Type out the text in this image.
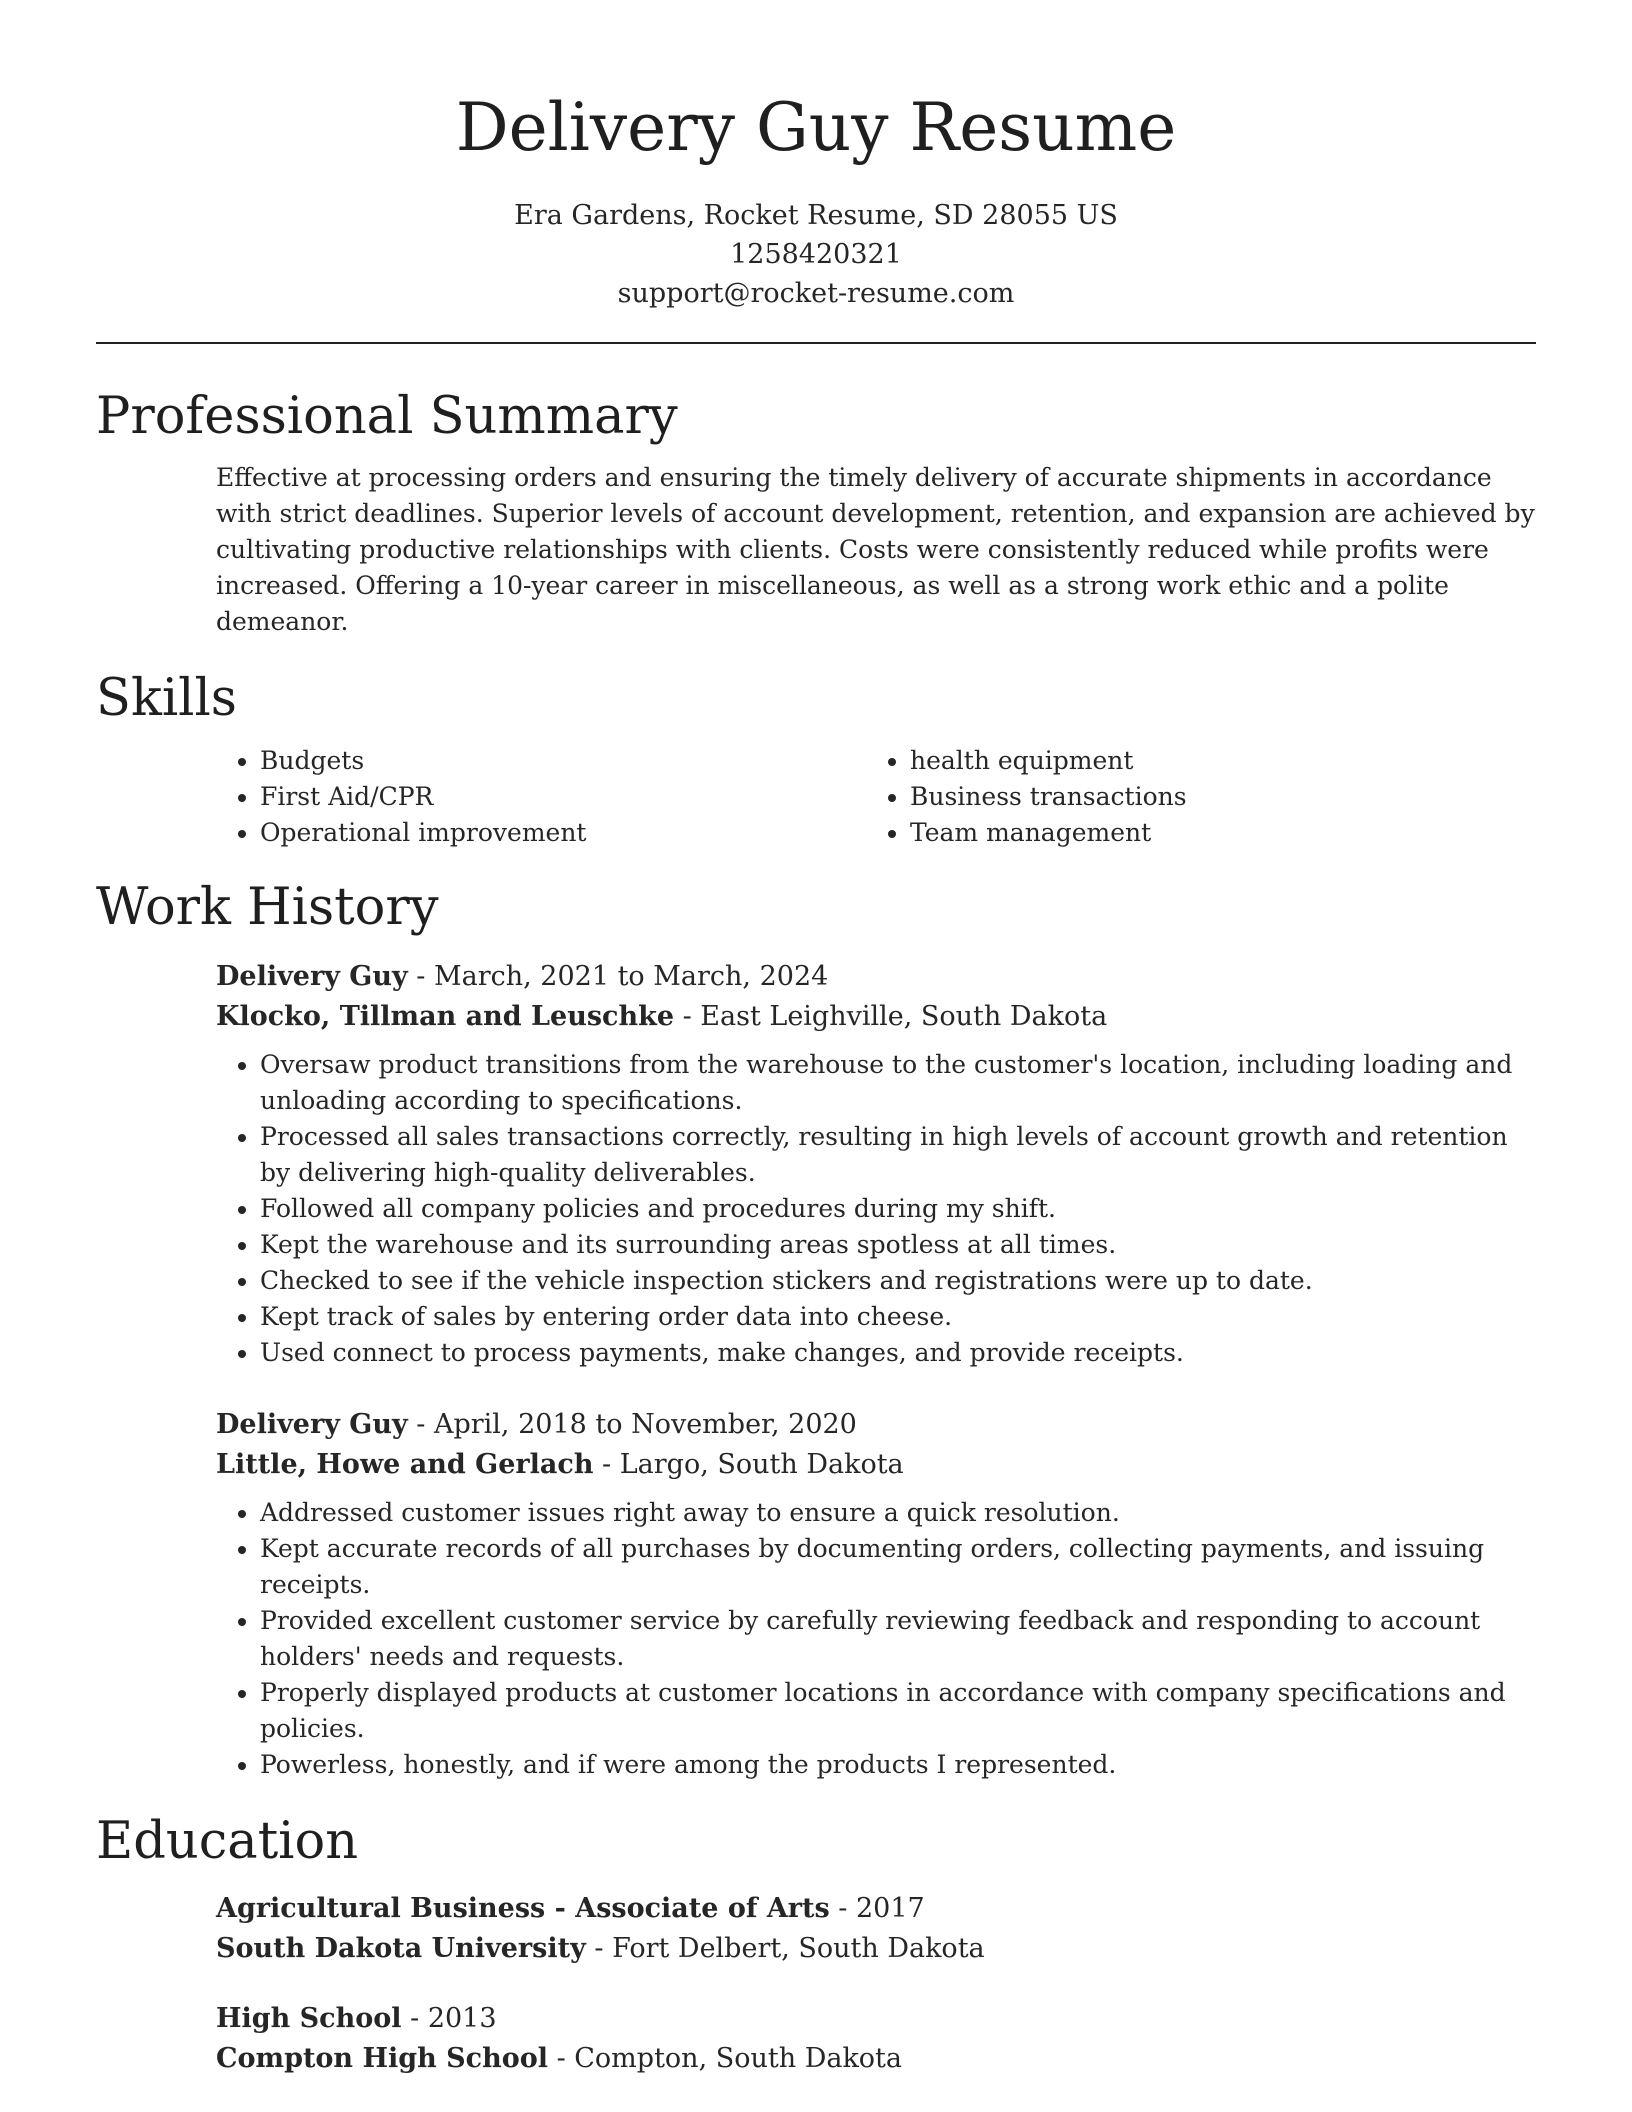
Delivery Guy Resume
Era Gardens, Rocket Resume, SD 28055 US
1258420321
support@rocket-resume.com
Professional Summary

Effective at processing orders and ensuring the timely delivery of accurate shipments in accordance with strict deadlines. Superior levels of account development, retention, and expansion are achieved by cultivating productive relationships with clients. Costs were consistently reduced while profits were increased. Offering a 10-year career in miscellaneous, as well as a strong work ethic and a polite demeanor.

Skills
• Budgets
• First Aid/CPR
• Operational improvement
• health equipment
• Business transactions
• Team management
Work History
Delivery Guy - March, 2021 to March, 2024
Klocko, Tillman and Leuschke - East Leighville, South Dakota
• Oversaw product transitions from the warehouse to the customer's location, including loading and unloading according to specifications.
• Processed all sales transactions correctly, resulting in high levels of account growth and retention by delivering high-quality deliverables.
• Followed all company policies and procedures during my shift.
• Kept the warehouse and its surrounding areas spotless at all times.
• Checked to see if the vehicle inspection stickers and registrations were up to date.
• Kept track of sales by entering order data into cheese.
• Used connect to process payments, make changes, and provide receipts.
Delivery Guy - April, 2018 to November, 2020
Little, Howe and Gerlach - Largo, South Dakota
• Addressed customer issues right away to ensure a quick resolution.
• Kept accurate records of all purchases by documenting orders, collecting payments, and issuing receipts.
• Provided excellent customer service by carefully reviewing feedback and responding to account holders' needs and requests.
• Properly displayed products at customer locations in accordance with company specifications and policies.
• Powerless, honestly, and if were among the products I represented.
Education
Agricultural Business - Associate of Arts - 2017
South Dakota University - Fort Delbert, South Dakota
High School - 2013
Compton High School - Compton, South Dakota
